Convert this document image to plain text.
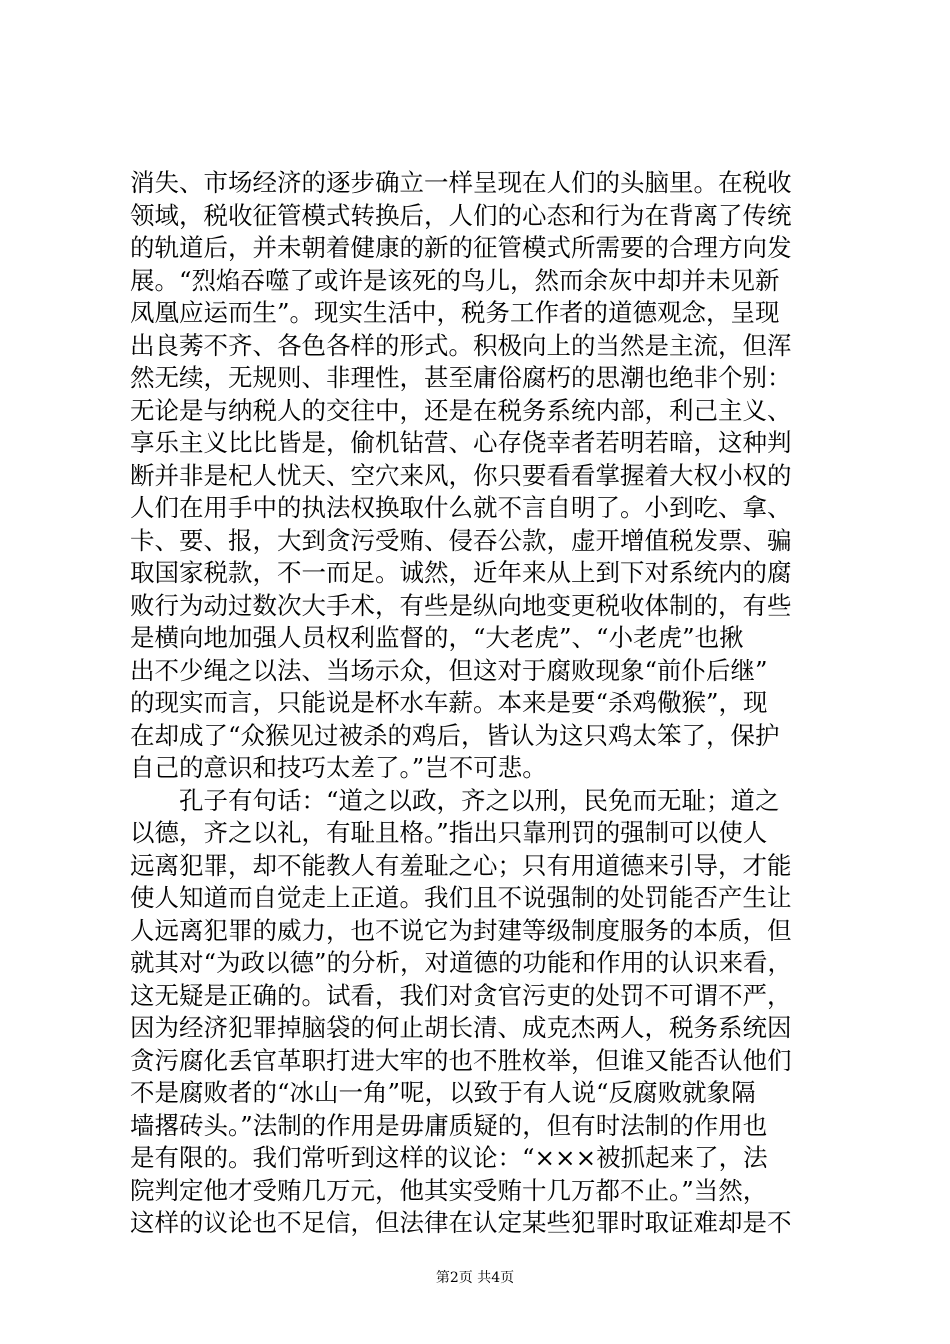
消失、市场经济的逐步确立一样呈现在人们的头脑里。在税收
领域，税收征管模式转换后，人们的心态和行为在背离了传统
的轨道后，并未朝着健康的新的征管模式所需要的合理方向发
展。“烈焰吞噬了或许是该死的鸟儿，然而余灰中却并未见新
凤凰应运而生”。现实生活中，税务工作者的道德观念，呈现
出良莠不齐、各色各样的形式。积极向上的当然是主流，但浑
然无续，无规则、非理性，甚至庸俗腐朽的思潮也绝非个别：
无论是与纳税人的交往中，还是在税务系统内部，利己主义、
享乐主义比比皆是，偷机钻营、心存侥幸者若明若暗，这种判
断并非是杞人忧天、空穴来风，你只要看看掌握着大权小权的
人们在用手中的执法权换取什么就不言自明了。小到吃、拿、
卡、要、报，大到贪污受贿、侵吞公款，虚开增值税发票、骗
取国家税款，不一而足。诚然，近年来从上到下对系统内的腐
败行为动过数次大手术，有些是纵向地变更税收体制的，有些
是横向地加强人员权利监督的，“大老虎”、“小老虎”也揪
出不少绳之以法、当场示众，但这对于腐败现象“前仆后继”
的现实而言，只能说是杯水车薪。本来是要“杀鸡儆猴”，现
在却成了“众猴见过被杀的鸡后，皆认为这只鸡太笨了，保护
自己的意识和技巧太差了。”岂不可悲。
孔子有句话：“道之以政，齐之以刑，民免而无耻；道之
以德，齐之以礼，有耻且格。”指出只靠刑罚的强制可以使人
远离犯罪，却不能教人有羞耻之心；只有用道德来引导，才能
使人知道而自觉走上正道。我们且不说强制的处罚能否产生让
人远离犯罪的威力，也不说它为封建等级制度服务的本质，但
就其对“为政以德”的分析，对道德的功能和作用的认识来看，
这无疑是正确的。试看，我们对贪官污吏的处罚不可谓不严，
因为经济犯罪掉脑袋的何止胡长清、成克杰两人，税务系统因
贪污腐化丢官革职打进大牢的也不胜枚举，但谁又能否认他们
不是腐败者的“冰山一角”呢，以致于有人说“反腐败就象隔
墙撂砖头。”法制的作用是毋庸质疑的，但有时法制的作用也
是有限的。我们常听到这样的议论：“×××被抓起来了，法
院判定他才受贿几万元，他其实受贿十几万都不止。”当然，
这样的议论也不足信，但法律在认定某些犯罪时取证难却是不
第2页 共4页
